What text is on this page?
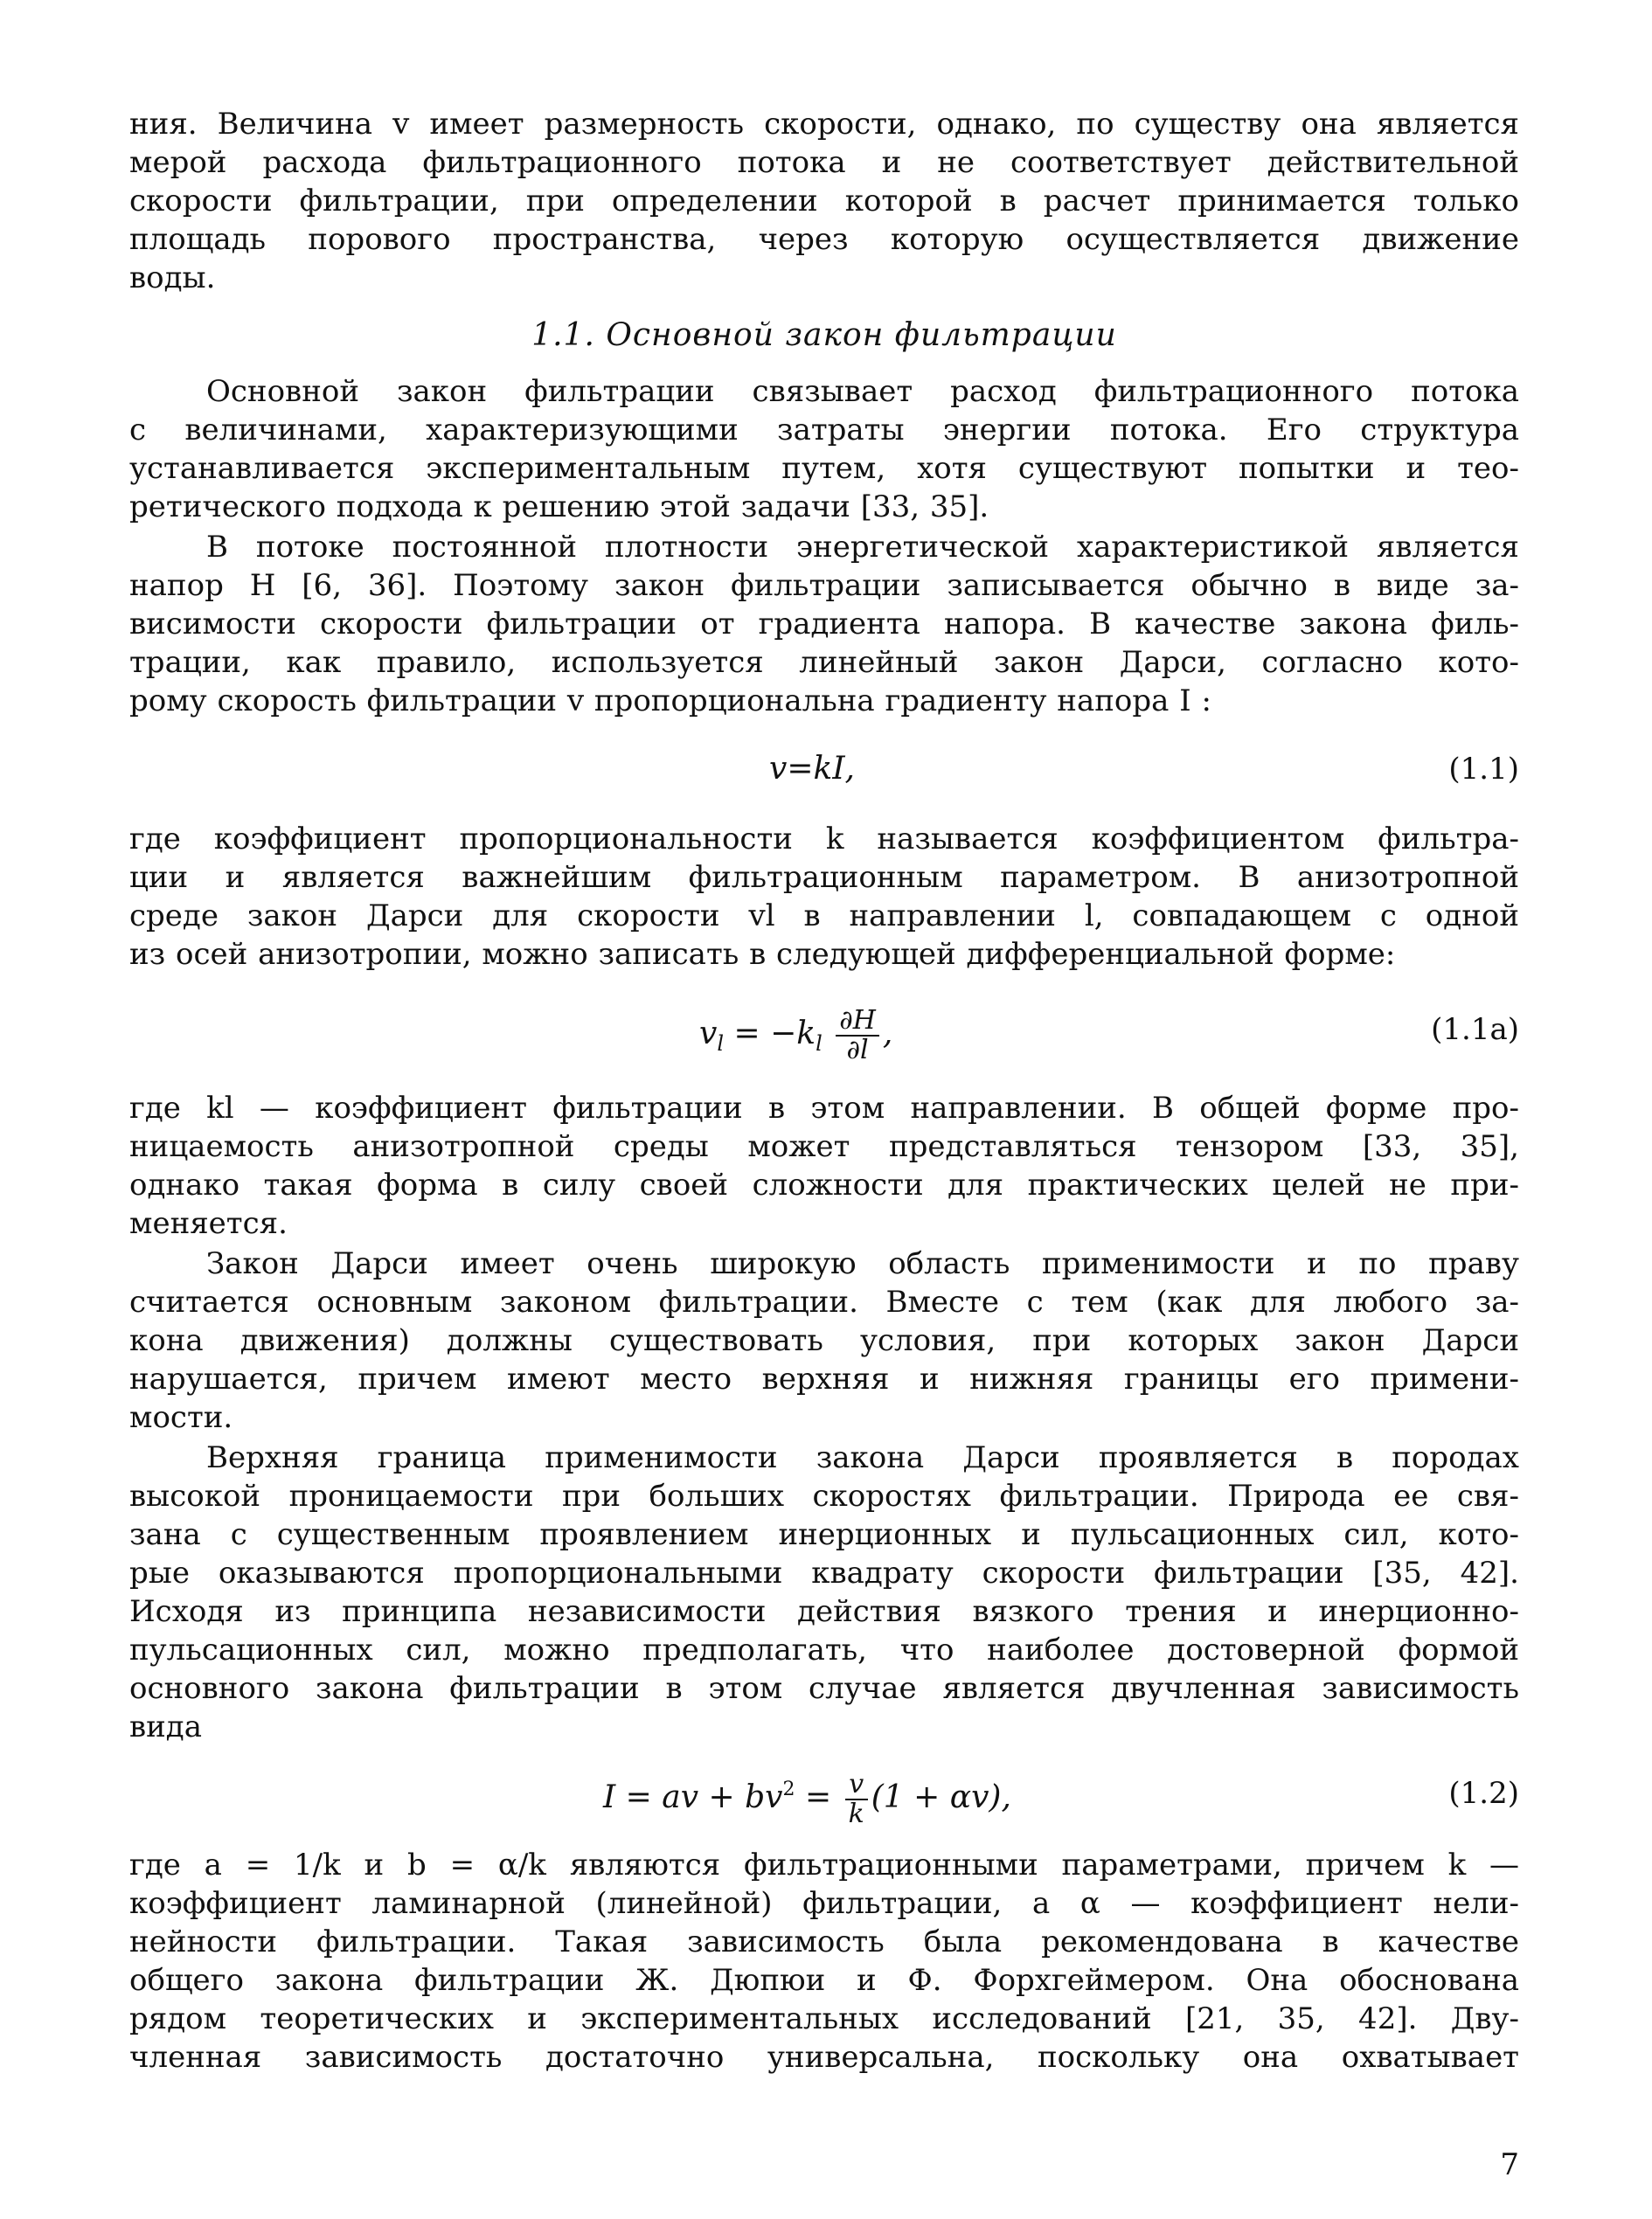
ния. Величина v имеет размерность скорости, однако, по существу она является
мерой расхода фильтрационного потока и не соответствует действительной
скорости фильтрации, при определении которой в расчет принимается только
площадь порового пространства, через которую осуществляется движение
воды.
1.1. Основной закон фильтрации
Основной закон фильтрации связывает расход фильтрационного потока
с величинами, характеризующими затраты энергии потока. Его структура
устанавливается экспериментальным путем, хотя существуют попытки и тео-
ретического подхода к решению этой задачи [33, 35].
В потоке постоянной плотности энергетической характеристикой является
напор H [6, 36]. Поэтому закон фильтрации записывается обычно в виде за-
висимости скорости фильтрации от градиента напора. В качестве закона филь-
трации, как правило, используется линейный закон Дарси, согласно кото-
рому скорость фильтрации v пропорциональна градиенту напора I :
v=kI,	(1.1)
где коэффициент пропорциональности k называется коэффициентом фильтра-
ции и является важнейшим фильтрационным параметром. В анизотропной
среде закон Дарси для скорости vl в направлении l, совпадающем с одной
из осей анизотропии, можно записать в следующей дифференциальной форме:
$v_l = -k_l \frac{\partial H}{\partial l}$ ,	(1.1а)
где kl — коэффициент фильтрации в этом направлении. В общей форме про-
ницаемость анизотропной среды может представляться тензором [33, 35],
однако такая форма в силу своей сложности для практических целей не при-
меняется.
Закон Дарси имеет очень широкую область применимости и по праву
считается основным законом фильтрации. Вместе с тем (как для любого за-
кона движения) должны существовать условия, при которых закон Дарси
нарушается, причем имеют место верхняя и нижняя границы его примени-
мости.
Верхняя граница применимости закона Дарси проявляется в породах
высокой проницаемости при больших скоростях фильтрации. Природа ее свя-
зана с существенным проявлением инерционных и пульсационных сил, кото-
рые оказываются пропорциональными квадрату скорости фильтрации [35, 42].
Исходя из принципа независимости действия вязкого трения и инерционно-
пульсационных сил, можно предполагать, что наиболее достоверной формой
основного закона фильтрации в этом случае является двучленная зависимость
вида
I = av + $bv^2 = \frac{v}{k} (1 + \alpha v)$,	(1.2)
где a = 1/k и b = α/k являются фильтрационными параметрами, причем k —
коэффициент ламинарной (линейной) фильтрации, а α — коэффициент нели-
нейности фильтрации. Такая зависимость была рекомендована в качестве
общего закона фильтрации Ж. Дюпюи и Ф. Форхгеймером. Она обоснована
рядом теоретических и экспериментальных исследований [21, 35, 42]. Дву-
членная зависимость достаточно универсальна, поскольку она охватывает
7
